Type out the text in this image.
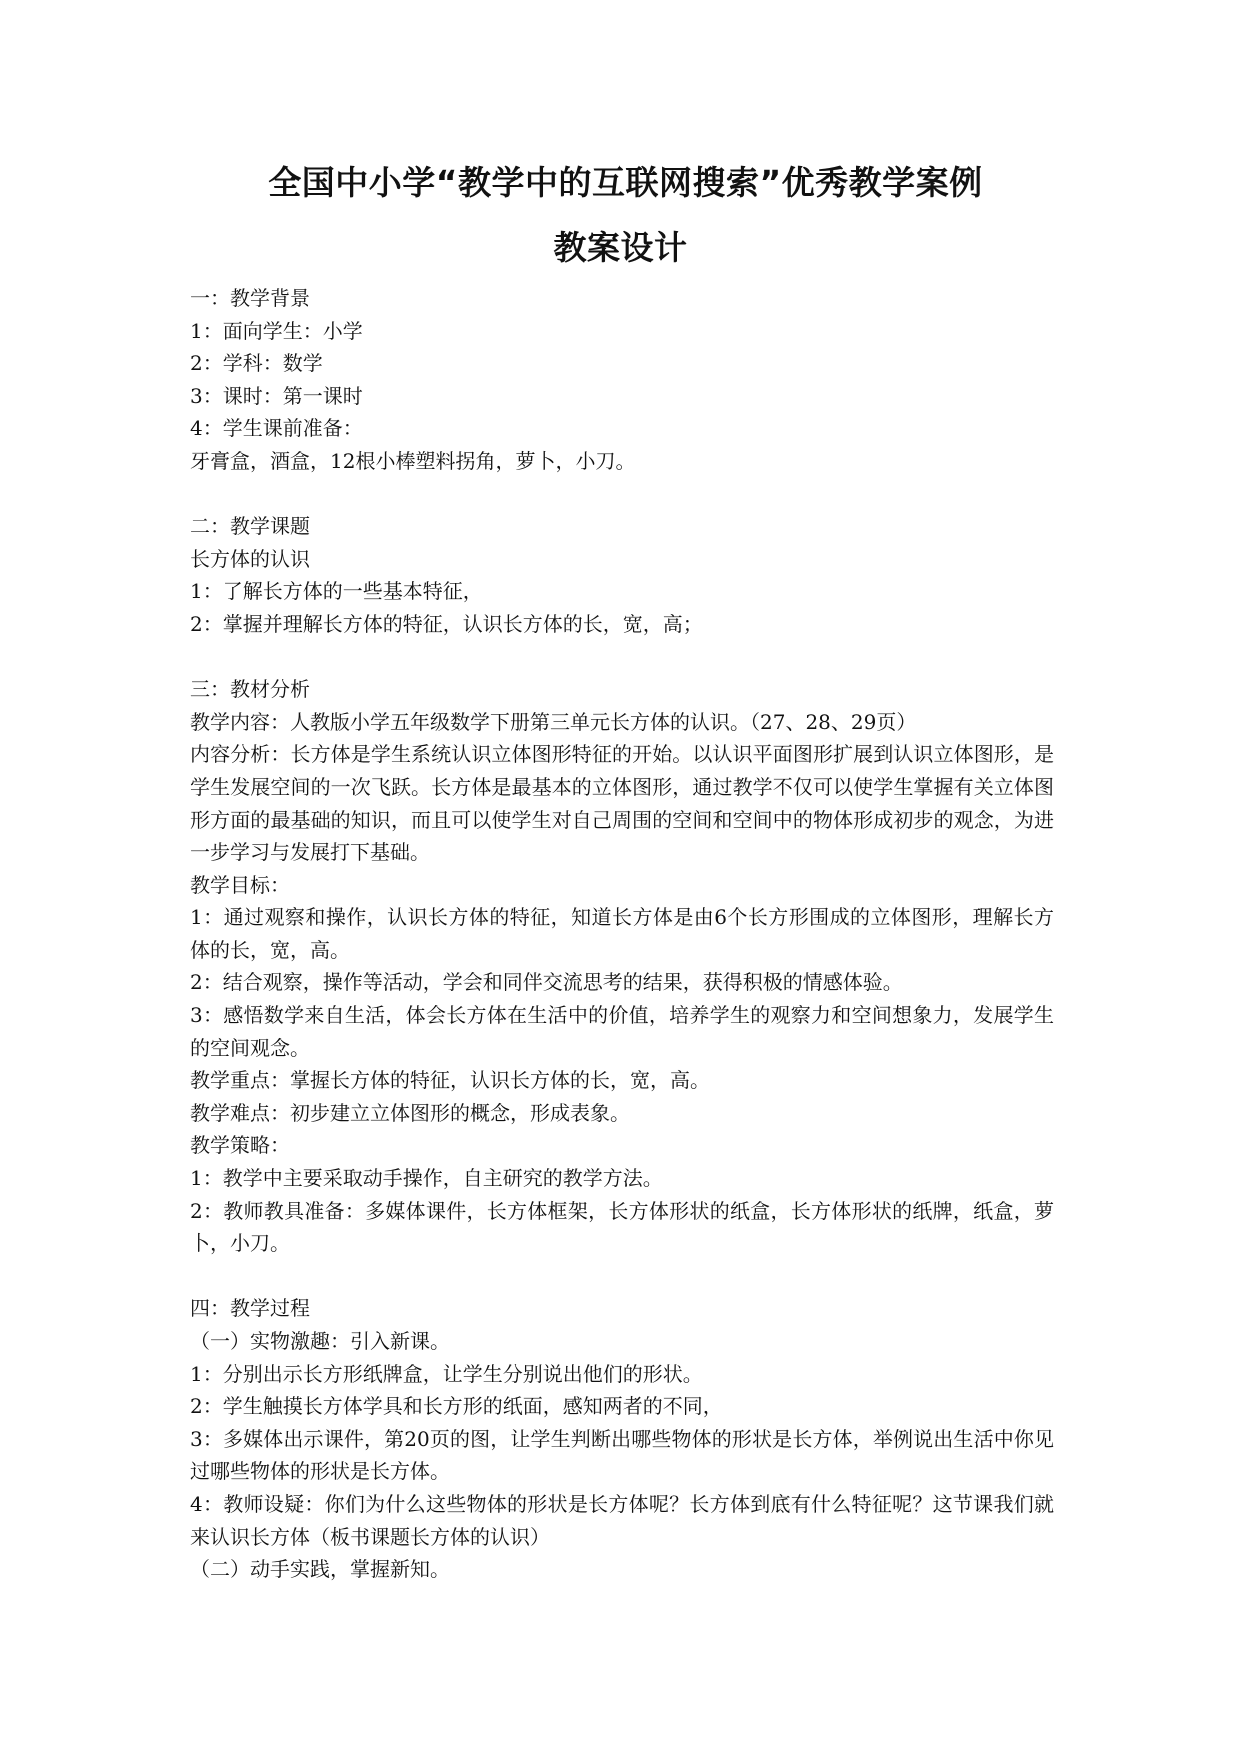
全国中小学“教学中的互联网搜索”优秀教学案例
教案设计
一：教学背景
1：面向学生：小学
2：学科：数学
3：课时：第一课时
4：学生课前准备：
牙膏盒，酒盒，12根小棒塑料拐角，萝卜，小刀。
二：教学课题
长方体的认识
1：了解长方体的一些基本特征，
2：掌握并理解长方体的特征，认识长方体的长，宽，高；
三：教材分析
教学内容：人教版小学五年级数学下册第三单元长方体的认识。（27、28、29页）
内容分析：长方体是学生系统认识立体图形特征的开始。以认识平面图形扩展到认识立体图形，是学生发展空间的一次飞跃。长方体是最基本的立体图形，通过教学不仅可以使学生掌握有关立体图形方面的最基础的知识，而且可以使学生对自己周围的空间和空间中的物体形成初步的观念，为进一步学习与发展打下基础。
教学目标：
1：通过观察和操作，认识长方体的特征，知道长方体是由6个长方形围成的立体图形，理解长方体的长，宽，高。
2：结合观察，操作等活动，学会和同伴交流思考的结果，获得积极的情感体验。
3：感悟数学来自生活，体会长方体在生活中的价值，培养学生的观察力和空间想象力，发展学生的空间观念。
教学重点：掌握长方体的特征，认识长方体的长，宽，高。
教学难点：初步建立立体图形的概念，形成表象。
教学策略：
1：教学中主要采取动手操作，自主研究的教学方法。
2：教师教具准备：多媒体课件，长方体框架，长方体形状的纸盒，长方体形状的纸牌，纸盒，萝卜，小刀。
四：教学过程
（一）实物激趣：引入新课。
1：分别出示长方形纸牌盒，让学生分别说出他们的形状。
2：学生触摸长方体学具和长方形的纸面，感知两者的不同，
3：多媒体出示课件，第20页的图，让学生判断出哪些物体的形状是长方体，举例说出生活中你见过哪些物体的形状是长方体。
4：教师设疑：你们为什么这些物体的形状是长方体呢？长方体到底有什么特征呢？这节课我们就来认识长方体（板书课题长方体的认识）
（二）动手实践，掌握新知。
